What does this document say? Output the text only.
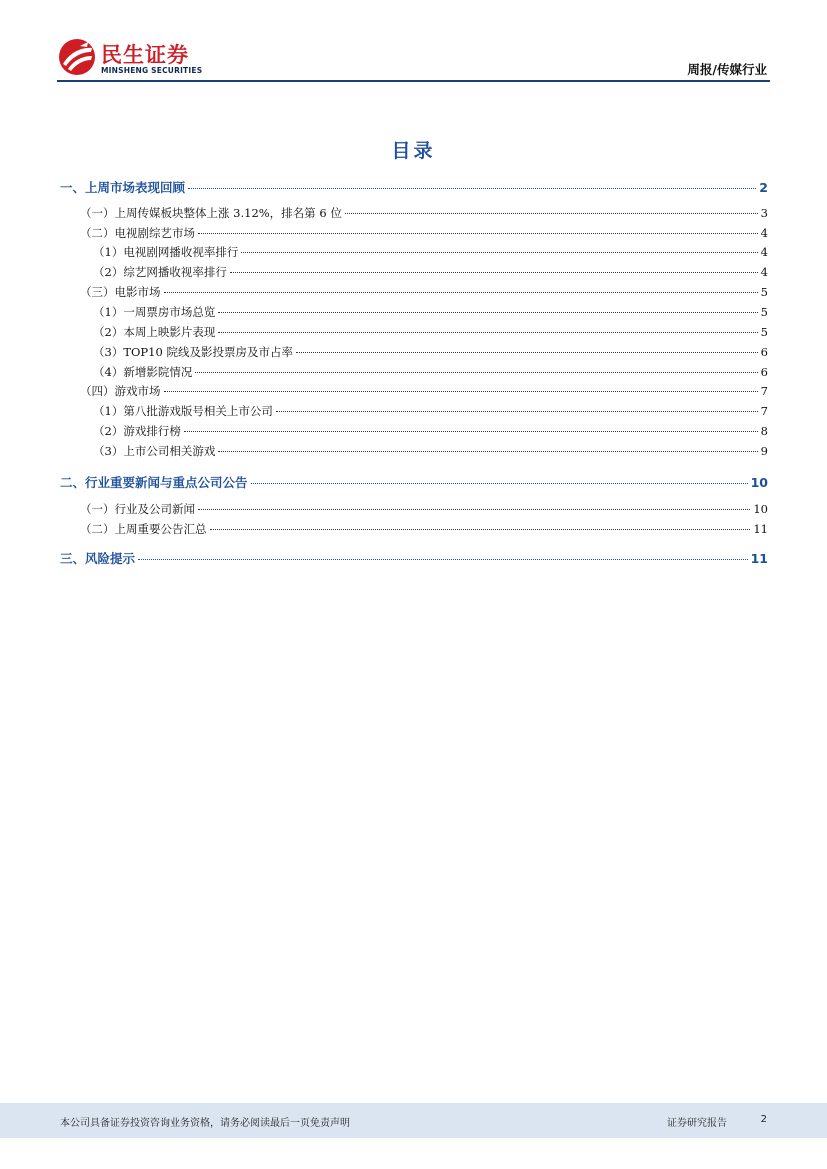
民生证券
MINSHENG SECURITIES	周报/传媒行业
目录
一、上周市场表现回顾	2
（一）上周传媒板块整体上涨 3.12%，排名第 6 位	3
（二）电视剧综艺市场	4
（1）电视剧网播收视率排行	4
（2）综艺网播收视率排行	4
（三）电影市场	5
（1）一周票房市场总览	5
（2）本周上映影片表现	5
（3）TOP10 院线及影投票房及市占率	6
（4）新增影院情况	6
（四）游戏市场	7
（1）第八批游戏版号相关上市公司	7
（2）游戏排行榜	8
（3）上市公司相关游戏	9
二、行业重要新闻与重点公司公告	10
（一）行业及公司新闻	10
（二）上周重要公告汇总	11
三、风险提示	11
本公司具备证券投资咨询业务资格，请务必阅读最后一页免责声明	证券研究报告	2
